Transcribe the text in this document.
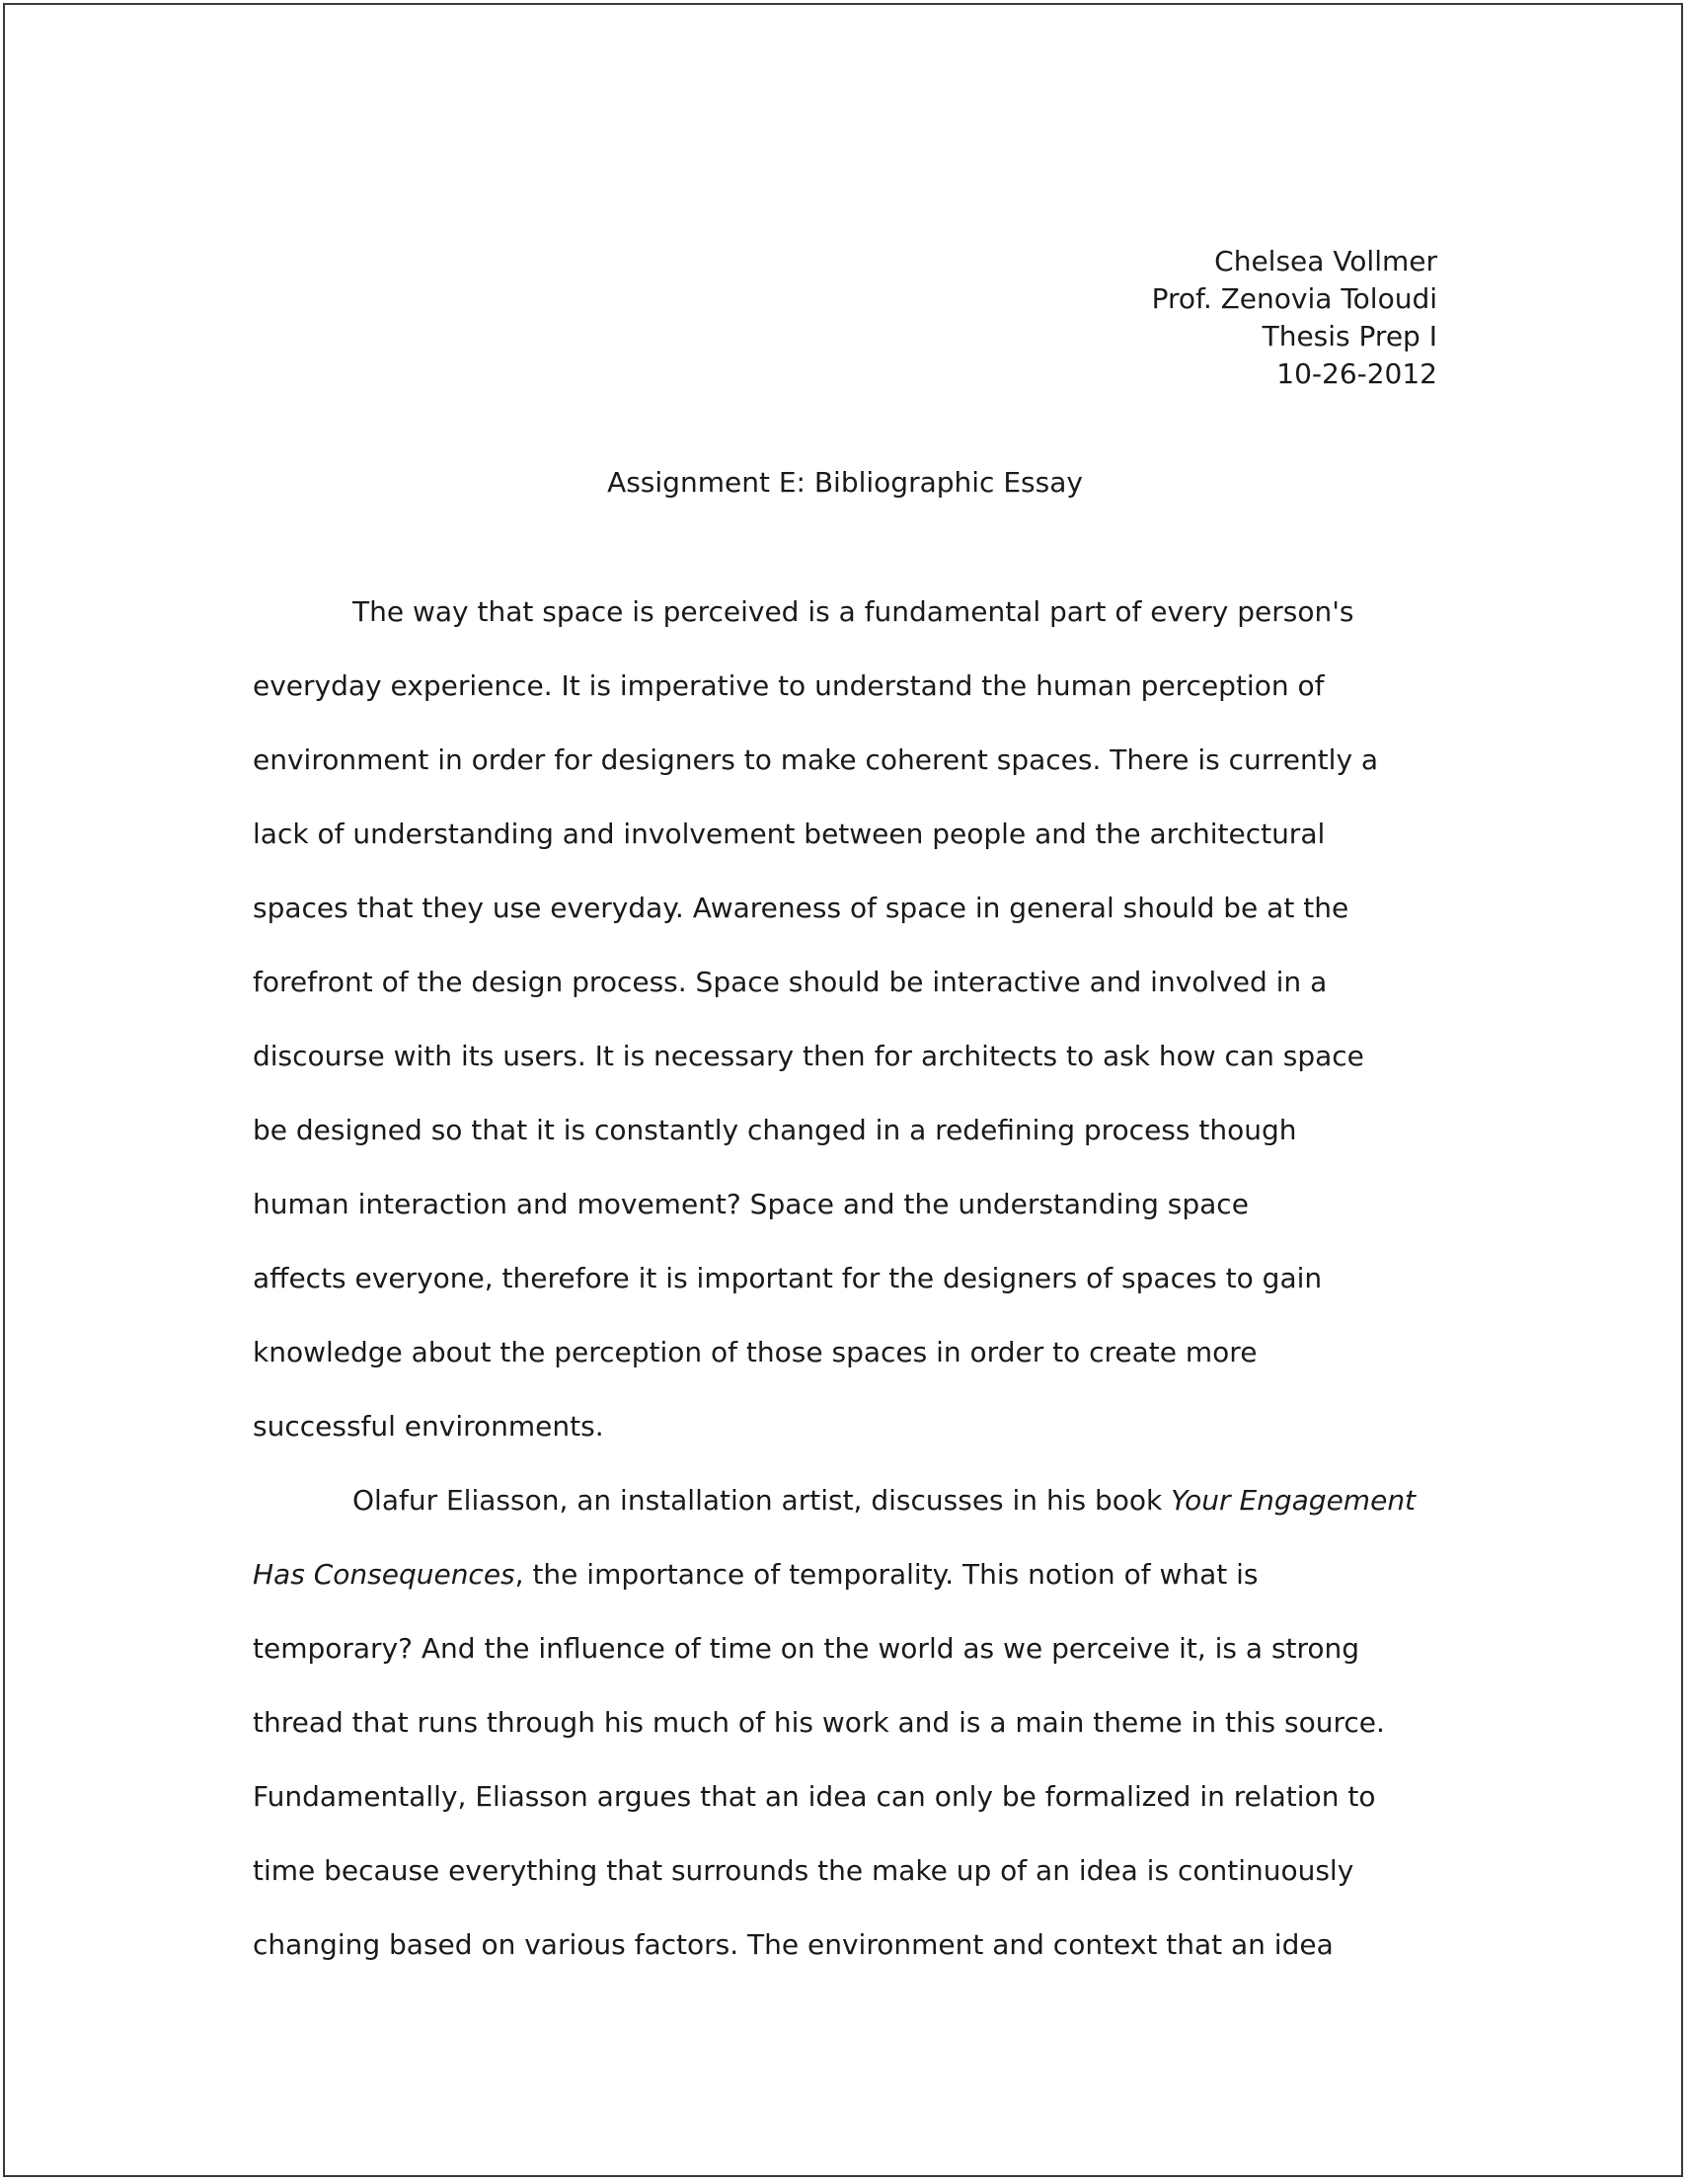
Chelsea Vollmer
Prof. Zenovia Toloudi
Thesis Prep I
10-26-2012
Assignment E: Bibliographic Essay
The way that space is perceived is a fundamental part of every person's
everyday experience. It is imperative to understand the human perception of
environment in order for designers to make coherent spaces. There is currently a
lack of understanding and involvement between people and the architectural
spaces that they use everyday. Awareness of space in general should be at the
forefront of the design process. Space should be interactive and involved in a
discourse with its users. It is necessary then for architects to ask how can space
be designed so that it is constantly changed in a redefining process though
human interaction and movement? Space and the understanding space
affects everyone, therefore it is important for the designers of spaces to gain
knowledge about the perception of those spaces in order to create more
successful environments.
Olafur Eliasson, an installation artist, discusses in his book Your Engagement
Has Consequences, the importance of temporality. This notion of what is
temporary? And the influence of time on the world as we perceive it, is a strong
thread that runs through his much of his work and is a main theme in this source.
Fundamentally, Eliasson argues that an idea can only be formalized in relation to
time because everything that surrounds the make up of an idea is continuously
changing based on various factors. The environment and context that an idea
